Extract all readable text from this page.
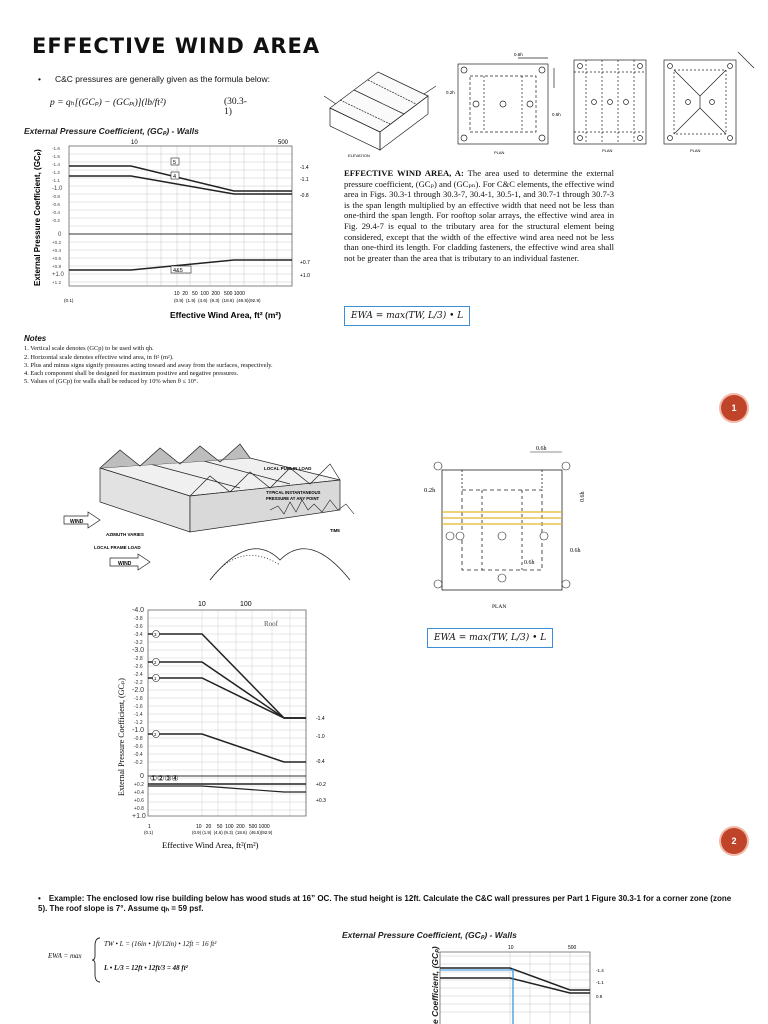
EFFECTIVE WIND AREA
• C&C pressures are generally given as the formula below:
p = qₕ[(GCₚ) − (GCₚᵢ)](lb/ft²)	(30.3-1)
External Pressure Coefficient, (GCₚ) - Walls
10	500
-1.6
-1.5
-1.4
-1.2
-1.1
-1.0
-0.8
-0.6
-0.4
-0.2
0
+0.2
+0.4
+0.6
+0.8
+1.0
+1.2
-1.4
-1.1
-0.8
+0.7
+1.0
5
4
4&5
10  20   50  100  200   500 1000
(0.9)  (1.9)  (4.6)  (9.3)  (18.6)  (46.5)(92.9)
(0.1)
Effective Wind Area, ft² (m²)
External Pressure Coefficient, (GCₚ)
Notes
1. Vertical scale denotes (GCp) to be used with qh.
2. Horizontal scale denotes effective wind area, in ft² (m²).
3. Plus and minus signs signify pressures acting toward and away from the surfaces, respectively.
4. Each component shall be designed for maximum positive and negative pressures.
5. Values of (GCp) for walls shall be reduced by 10% when θ ≤ 10°.
ELEVATION
0.6h
0.2h
0.6h
PLAN	PLAN	PLAN
EFFECTIVE WIND AREA, A: The area used to determine the external pressure coefficient, (GCₚ) and (GCₚₙ). For C&C elements, the effective wind area in Figs. 30.3-1 through 30.3-7, 30.4-1, 30.5-1, and 30.7-1 through 30.7-3 is the span length multiplied by an effective width that need not be less than one-third the span length. For rooftop solar arrays, the effective wind area in Fig. 29.4-7 is equal to the tributary area for the structural element being considered, except that the width of the effective wind area need not be less than one-third its length. For cladding fasteners, the effective wind area shall not be greater than the area that is tributary to an individual fastener.
EWA = max(TW, L/3) • L
1
WIND
WIND
LOCAL PURLIN LOAD
TYPICAL INSTANTANEOUS
PRESSURE AT ANY POINT
TIME
AZIMUTH VARIES
LOCAL FRAME LOAD
0.6h
0.2h
0.6h
0.6h
0.6h
PLAN
EWA = max(TW, L/3) • L
10	100
Roof
-4.0
-3.8
-3.6
-3.4
-3.2
-3.0
-2.8
-2.6
-2.4
-2.2
-2.0
-1.8
-1.6
-1.4
-1.2
-1.0
-0.8
-0.6
-0.4
-0.2
0
+0.2
+0.4
+0.6
+0.8
+1.0
-1.4
-1.0
-0.4
+0.2
+0.3
3
2
1
2
①②③④
10   20    50  100  200   500 1000
(0.9) (1.9)  (4.6) (9.3)  (18.6)  (46.5)(92.9)
1
(0.1)
Effective Wind Area, ft²(m²)
External Pressure Coefficient, (GCₚ)
2
• Example: The enclosed low rise building below has wood studs at 16” OC. The stud height is 12ft. Calculate the C&C wall pressures per Part 1 Figure 30.3-1 for a corner zone (zone 5). The roof slope is 7°. Assume qₕ = 59 psf.
EWA = max
TW • L = (16in • 1ft/12in) • 12ft = 16 ft²
L • L/3 = 12ft • 12ft/3 = 48 ft²
External Pressure Coefficient, (GCₚ) - Walls
10	500
-1.4
-1.1
0.8
e Coefficient, (GCₚ)
